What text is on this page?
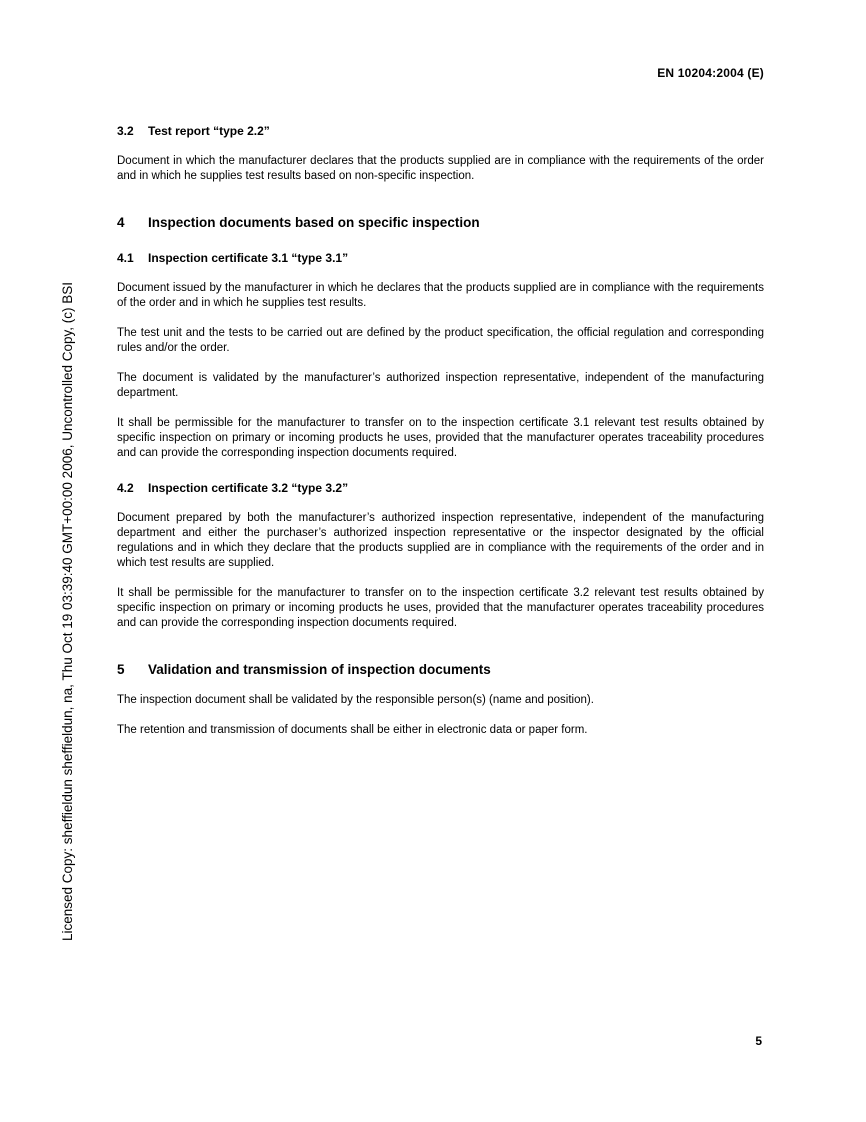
EN 10204:2004 (E)
Licensed Copy: sheffieldun sheffieldun, na, Thu Oct 19 03:39:40 GMT+00:00 2006, Uncontrolled Copy, (c) BSI
3.2 Test report “type 2.2”

Document in which the manufacturer declares that the products supplied are in compliance with the requirements of the order and in which he supplies test results based on non-specific inspection.

4 Inspection documents based on specific inspection
4.1 Inspection certificate 3.1 “type 3.1”

Document issued by the manufacturer in which he declares that the products supplied are in compliance with the requirements of the order and in which he supplies test results.

The test unit and the tests to be carried out are defined by the product specification, the official regulation and corresponding rules and/or the order.

The document is validated by the manufacturer’s authorized inspection representative, independent of the manufacturing department.

It shall be permissible for the manufacturer to transfer on to the inspection certificate 3.1 relevant test results obtained by specific inspection on primary or incoming products he uses, provided that the manufacturer operates traceability procedures and can provide the corresponding inspection documents required.

4.2 Inspection certificate 3.2 “type 3.2”

Document prepared by both the manufacturer’s authorized inspection representative, independent of the manufacturing department and either the purchaser’s authorized inspection representative or the inspector designated by the official regulations and in which they declare that the products supplied are in compliance with the requirements of the order and in which test results are supplied.

It shall be permissible for the manufacturer to transfer on to the inspection certificate 3.2 relevant test results obtained by specific inspection on primary or incoming products he uses, provided that the manufacturer operates traceability procedures and can provide the corresponding inspection documents required.

5 Validation and transmission of inspection documents

The inspection document shall be validated by the responsible person(s) (name and position).

The retention and transmission of documents shall be either in electronic data or paper form.

5
